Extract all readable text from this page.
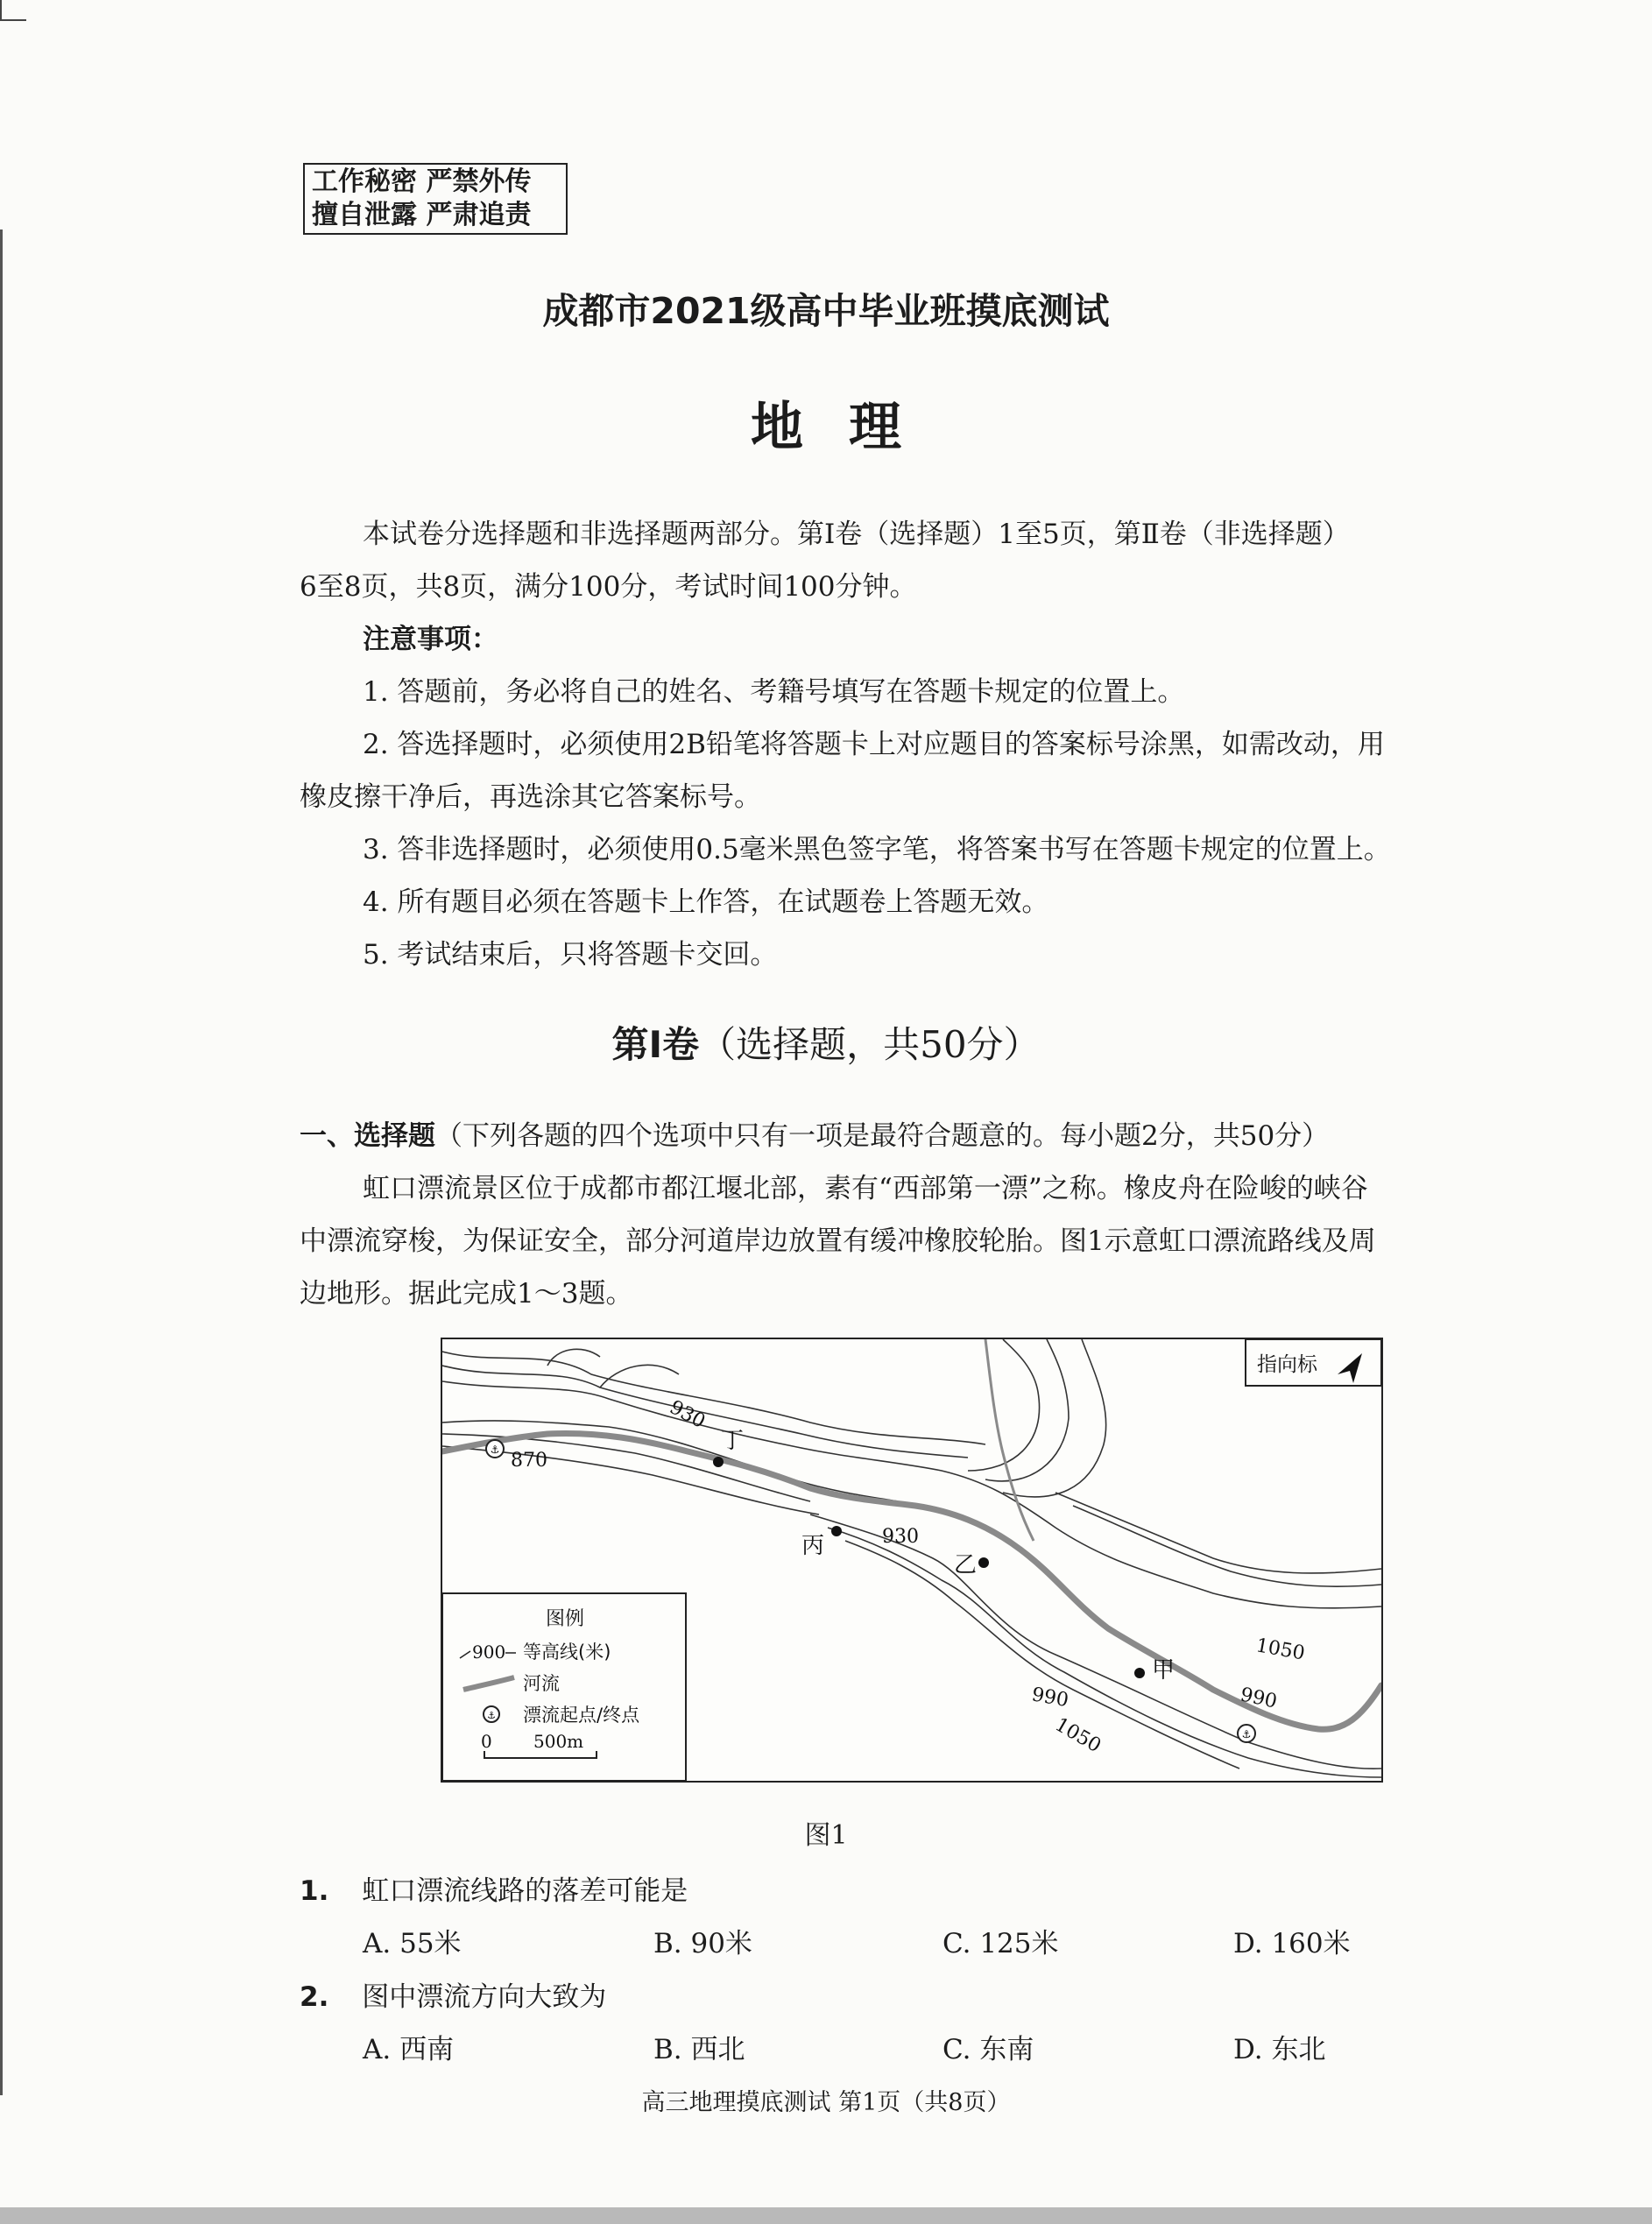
工作秘密 严禁外传
擅自泄露 严肃追责
成都市2021级高中毕业班摸底测试
地理
本试卷分选择题和非选择题两部分。第Ⅰ卷（选择题）1至5页，第Ⅱ卷（非选择题）
6至8页，共8页，满分100分，考试时间100分钟。
注意事项：
1. 答题前，务必将自己的姓名、考籍号填写在答题卡规定的位置上。
2. 答选择题时，必须使用2B铅笔将答题卡上对应题目的答案标号涂黑，如需改动，用
橡皮擦干净后，再选涂其它答案标号。
3. 答非选择题时，必须使用0.5毫米黑色签字笔，将答案书写在答题卡规定的位置上。
4. 所有题目必须在答题卡上作答，在试题卷上答题无效。
5. 考试结束后，只将答题卡交回。
第Ⅰ卷（选择题，共50分）
一、选择题（下列各题的四个选项中只有一项是最符合题意的。每小题2分，共50分）
虹口漂流景区位于成都市都江堰北部，素有“西部第一漂”之称。橡皮舟在险峻的峡谷
中漂流穿梭，为保证安全，部分河道岸边放置有缓冲橡胶轮胎。图1示意虹口漂流路线及周
边地形。据此完成1～3题。
⚓
⚓
930
870
930
1050
990	990
1050
丁
丙
乙
甲
指向标
图例
900 等高线(米)
河流
⚓ 漂流起点/终点
0 500m
图1
1. 虹口漂流线路的落差可能是
A. 55米	B. 90米	C. 125米	D. 160米
2. 图中漂流方向大致为
A. 西南	B. 西北	C. 东南	D. 东北
高三地理摸底测试 第1页（共8页）
